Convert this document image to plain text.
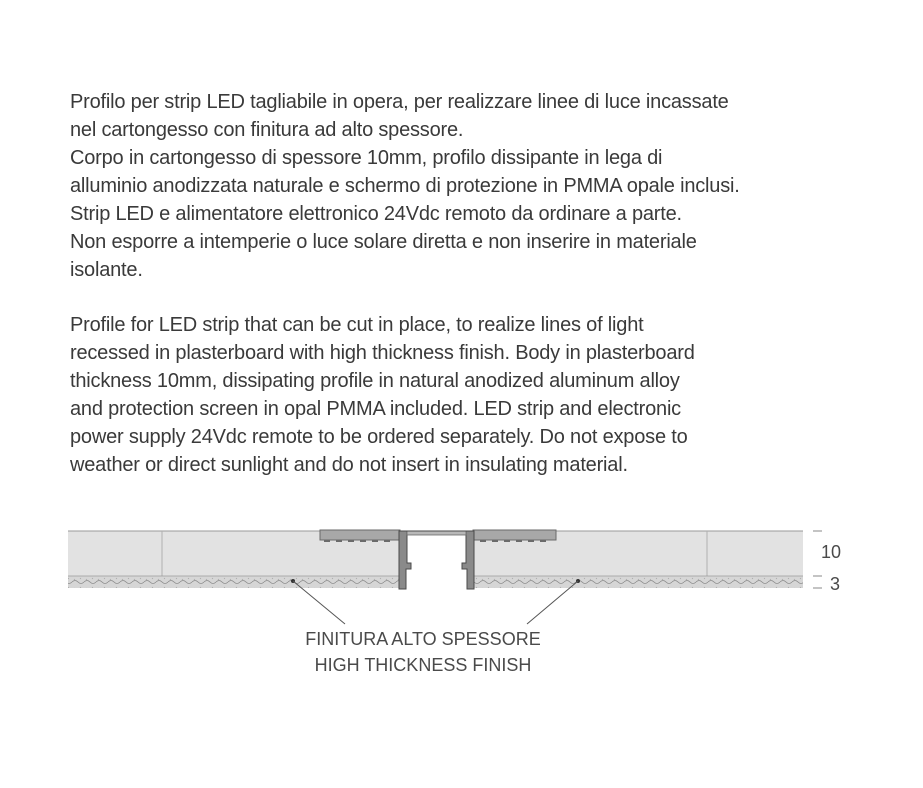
Profilo per strip LED tagliabile in opera, per realizzare linee di luce incassate

nel cartongesso con finitura ad alto spessore.

Corpo in cartongesso di spessore 10mm, profilo dissipante in lega di

alluminio anodizzata naturale e schermo di protezione in PMMA opale inclusi.

Strip LED e alimentatore elettronico 24Vdc remoto da ordinare a parte.

Non esporre a intemperie o luce solare diretta e non inserire in materiale

isolante.

Profile for LED strip that can be cut in place, to realize lines of light

recessed in plasterboard with high thickness finish. Body in plasterboard

thickness 10mm, dissipating profile in natural anodized aluminum alloy

and protection screen in opal PMMA included. LED strip and electronic

power supply 24Vdc remote to be ordered separately. Do not expose to

weather or direct sunlight and do not insert in insulating material.

10
3
FINITURA ALTO SPESSORE
HIGH THICKNESS FINISH
